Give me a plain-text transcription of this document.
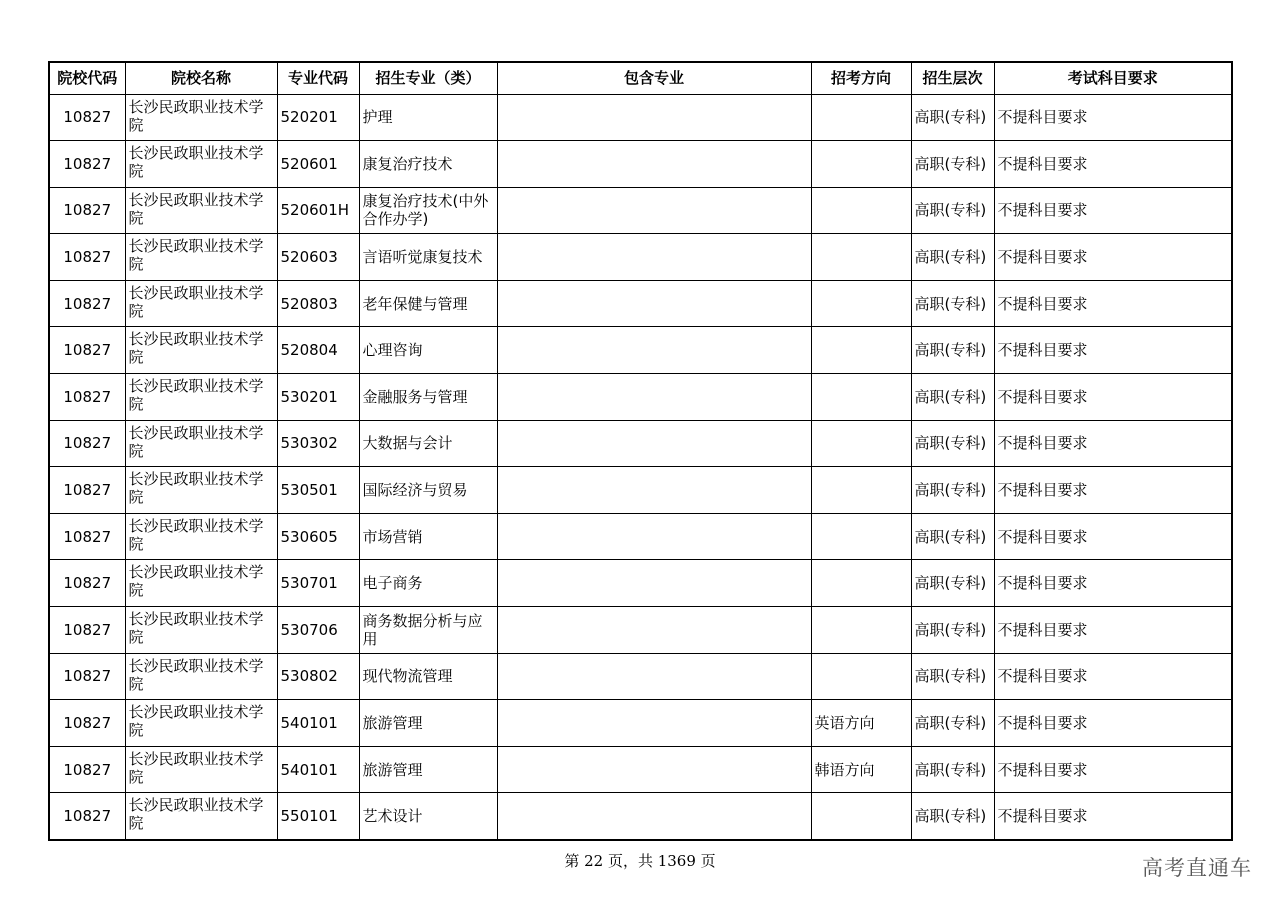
院校代码	院校名称	专业代码	招生专业（类）	包含专业	招考方向	招生层次	考试科目要求
10827	长沙民政职业技术学院	520201	护理			高职(专科)	不提科目要求
10827	长沙民政职业技术学院	520601	康复治疗技术			高职(专科)	不提科目要求
10827	长沙民政职业技术学院	520601H	康复治疗技术(中外合作办学)			高职(专科)	不提科目要求
10827	长沙民政职业技术学院	520603	言语听觉康复技术			高职(专科)	不提科目要求
10827	长沙民政职业技术学院	520803	老年保健与管理			高职(专科)	不提科目要求
10827	长沙民政职业技术学院	520804	心理咨询			高职(专科)	不提科目要求
10827	长沙民政职业技术学院	530201	金融服务与管理			高职(专科)	不提科目要求
10827	长沙民政职业技术学院	530302	大数据与会计			高职(专科)	不提科目要求
10827	长沙民政职业技术学院	530501	国际经济与贸易			高职(专科)	不提科目要求
10827	长沙民政职业技术学院	530605	市场营销			高职(专科)	不提科目要求
10827	长沙民政职业技术学院	530701	电子商务			高职(专科)	不提科目要求
10827	长沙民政职业技术学院	530706	商务数据分析与应用			高职(专科)	不提科目要求
10827	长沙民政职业技术学院	530802	现代物流管理			高职(专科)	不提科目要求
10827	长沙民政职业技术学院	540101	旅游管理		英语方向	高职(专科)	不提科目要求
10827	长沙民政职业技术学院	540101	旅游管理		韩语方向	高职(专科)	不提科目要求
10827	长沙民政职业技术学院	550101	艺术设计			高职(专科)	不提科目要求
第 22 页，共 1369 页	高考直通车
